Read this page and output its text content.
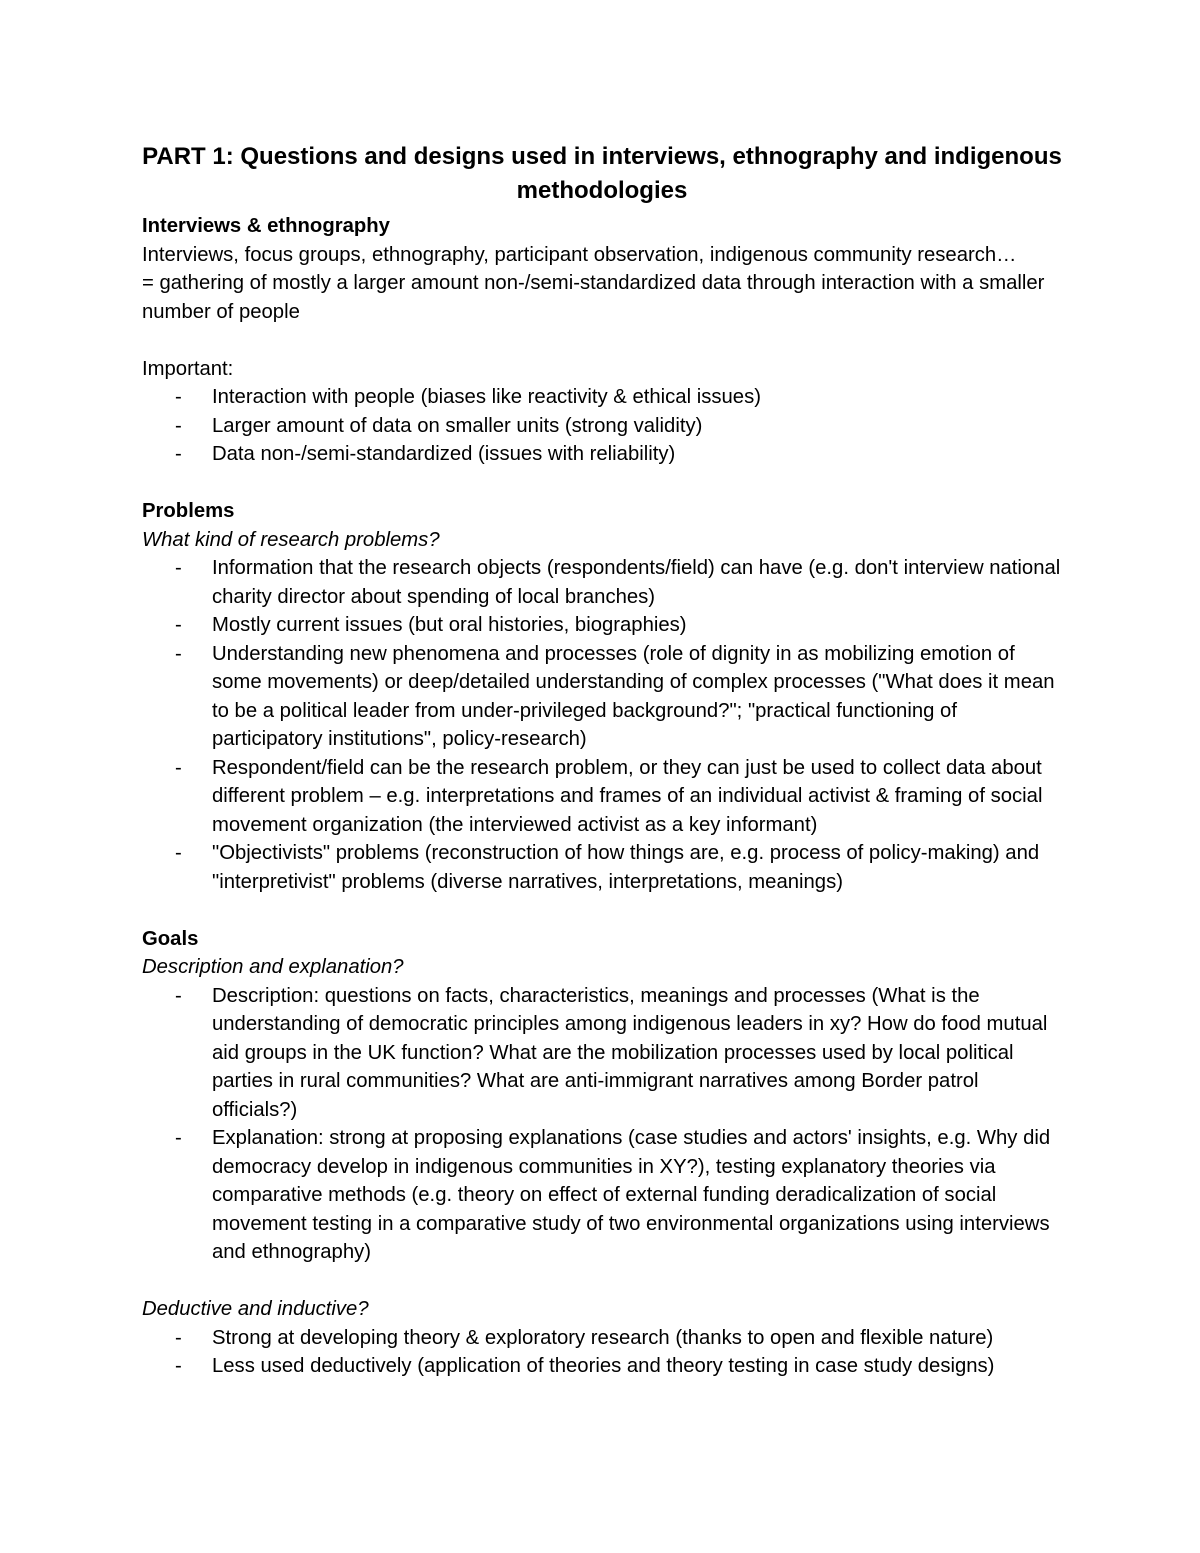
PART 1: Questions and designs used in interviews, ethnography and indigenous methodologies

Interviews & ethnography

Interviews, focus groups, ethnography, participant observation, indigenous community research…

= gathering of mostly a larger amount non-/semi-standardized data through interaction with a smaller number of people

Important:

- Interaction with people (biases like reactivity & ethical issues)
- Larger amount of data on smaller units (strong validity)
- Data non-/semi-standardized (issues with reliability)

Problems

What kind of research problems?

- Information that the research objects (respondents/field) can have (e.g. don't interview national charity director about spending of local branches)
- Mostly current issues (but oral histories, biographies)
- Understanding new phenomena and processes (role of dignity in as mobilizing emotion of some movements) or deep/detailed understanding of complex processes ("What does it mean to be a political leader from under-privileged background?"; "practical functioning of participatory institutions", policy-research)
- Respondent/field can be the research problem, or they can just be used to collect data about different problem – e.g. interpretations and frames of an individual activist & framing of social movement organization (the interviewed activist as a key informant)
- "Objectivists" problems (reconstruction of how things are, e.g. process of policy-making) and "interpretivist" problems (diverse narratives, interpretations, meanings)

Goals

Description and explanation?

- Description: questions on facts, characteristics, meanings and processes (What is the understanding of democratic principles among indigenous leaders in xy? How do food mutual aid groups in the UK function? What are the mobilization processes used by local political parties in rural communities? What are anti-immigrant narratives among Border patrol officials?)
- Explanation: strong at proposing explanations (case studies and actors' insights, e.g. Why did democracy develop in indigenous communities in XY?), testing explanatory theories via comparative methods (e.g. theory on effect of external funding deradicalization of social movement testing in a comparative study of two environmental organizations using interviews and ethnography)

Deductive and inductive?

- Strong at developing theory & exploratory research (thanks to open and flexible nature)
- Less used deductively (application of theories and theory testing in case study designs)
